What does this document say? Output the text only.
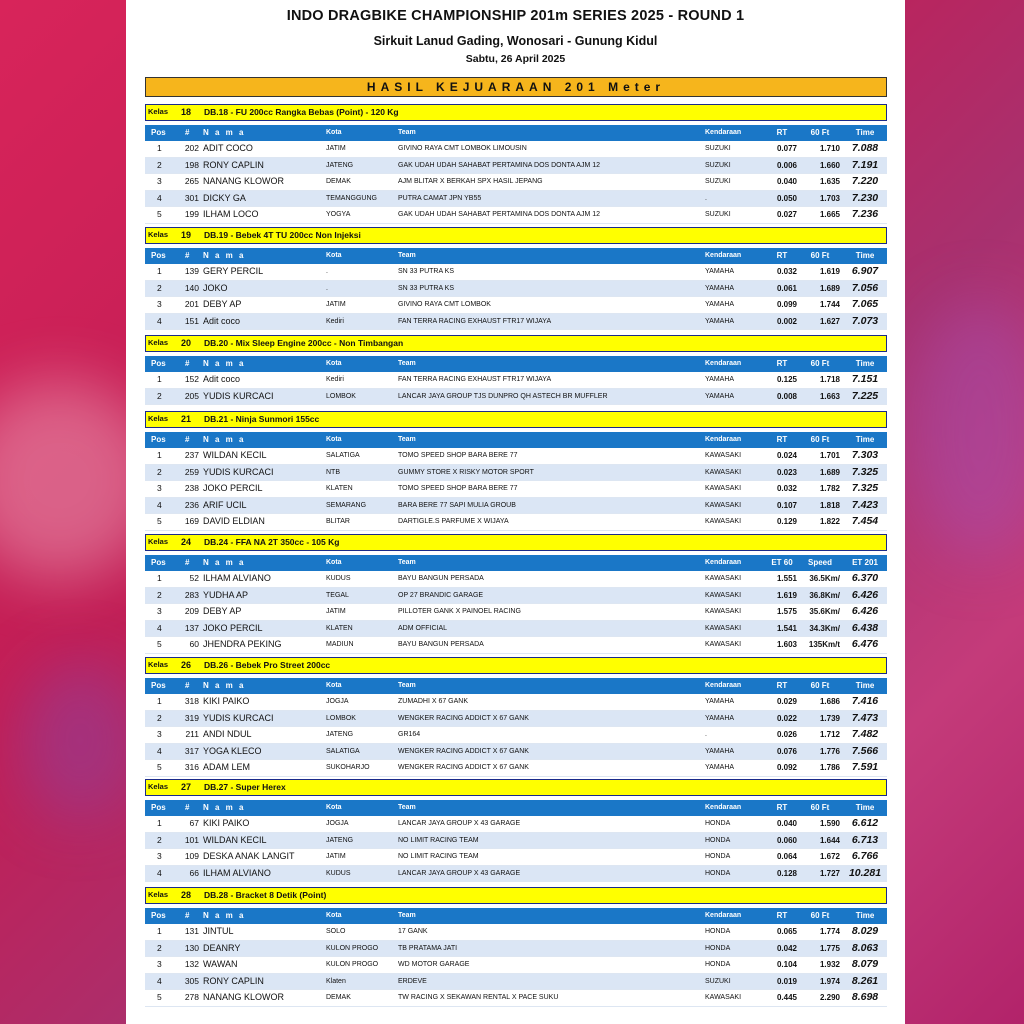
INDO DRAGBIKE CHAMPIONSHIP 201m SERIES 2025 - ROUND 1
Sirkuit Lanud Gading, Wonosari - Gunung Kidul
Sabtu, 26 April 2025
HASIL KEJUARAAN 201 Meter
Kelas 18 DB.18 - FU 200cc Rangka Bebas (Point) - 120 Kg
Pos # N a m a	Kota	Team	Kendaraan	RT	60 Ft	Time
1	202 ADIT COCO	JATIM	GIVINO RAYA CMT LOMBOK LIMOUSIN	SUZUKI	0.077	1.710	7.088
2	198 RONY CAPLIN	JATENG	GAK UDAH UDAH SAHABAT PERTAMINA DOS DONTA AJM 12	SUZUKI	0.006	1.660	7.191
3	265 NANANG KLOWOR	DEMAK	AJM BLITAR X BERKAH SPX HASIL JEPANG	SUZUKI	0.040	1.635	7.220
4	301 DICKY GA	TEMANGGUNG	PUTRA CAMAT JPN YB55	.	0.050	1.703	7.230
5	199 ILHAM LOCO	YOGYA	GAK UDAH UDAH SAHABAT PERTAMINA DOS DONTA AJM 12	SUZUKI	0.027	1.665	7.236
Kelas 19 DB.19 - Bebek 4T TU 200cc Non Injeksi
Pos # N a m a	Kota	Team	Kendaraan	RT	60 Ft	Time
1	139 GERY PERCIL	.	SN 33 PUTRA KS	YAMAHA	0.032	1.619	6.907
2	140 JOKO	.	SN 33 PUTRA KS	YAMAHA	0.061	1.689	7.056
3	201 DEBY AP	JATIM	GIVINO RAYA CMT LOMBOK	YAMAHA	0.099	1.744	7.065
4	151 Adit coco	Kediri	FAN TERRA RACING EXHAUST FTR17 WIJAYA	YAMAHA	0.002	1.627	7.073
Kelas 20 DB.20 - Mix Sleep Engine 200cc - Non Timbangan
Pos # N a m a	Kota	Team	Kendaraan	RT	60 Ft	Time
1	152 Adit coco	Kediri	FAN TERRA RACING EXHAUST FTR17 WIJAYA	YAMAHA	0.125	1.718	7.151
2	205 YUDIS KURCACI	LOMBOK	LANCAR JAYA GROUP TJS DUNPRO QH ASTECH BR MUFFLER	YAMAHA	0.008	1.663	7.225
Kelas 21 DB.21 - Ninja Sunmori 155cc
Pos # N a m a	Kota	Team	Kendaraan	RT	60 Ft	Time
1	237 WILDAN KECIL	SALATIGA	TOMO SPEED SHOP BARA BERE 77	KAWASAKI	0.024	1.701	7.303
2	259 YUDIS KURCACI	NTB	GUMMY STORE X RISKY MOTOR SPORT	KAWASAKI	0.023	1.689	7.325
3	238 JOKO PERCIL	KLATEN	TOMO SPEED SHOP BARA BERE 77	KAWASAKI	0.032	1.782	7.325
4	236 ARIF UCIL	SEMARANG	BARA BERE 77 SAPI MULIA GROUB	KAWASAKI	0.107	1.818	7.423
5	169 DAVID ELDIAN	BLITAR	DARTIGLE.S PARFUME X WIJAYA	KAWASAKI	0.129	1.822	7.454
Kelas 24 DB.24 - FFA NA 2T 350cc - 105 Kg
Pos # N a m a	Kota	Team	Kendaraan	ET 60	Speed	ET 201
1	52 ILHAM ALVIANO	KUDUS	BAYU BANGUN PERSADA	KAWASAKI	1.551	36.5Km/	6.370
2	283 YUDHA AP	TEGAL	OP 27 BRANDIC GARAGE	KAWASAKI	1.619	36.8Km/	6.426
3	209 DEBY AP	JATIM	PILLOTER GANK X PAINOEL RACING	KAWASAKI	1.575	35.6Km/	6.426
4	137 JOKO PERCIL	KLATEN	ADM OFFICIAL	KAWASAKI	1.541	34.3Km/	6.438
5	60 JHENDRA PEKING	MADIUN	BAYU BANGUN PERSADA	KAWASAKI	1.603	135Km/t	6.476
Kelas 26 DB.26 - Bebek Pro Street 200cc
Pos # N a m a	Kota	Team	Kendaraan	RT	60 Ft	Time
1	318 KIKI PAIKO	JOGJA	ZUMADHI X 67 GANK	YAMAHA	0.029	1.686	7.416
2	319 YUDIS KURCACI	LOMBOK	WENGKER RACING ADDICT X 67 GANK	YAMAHA	0.022	1.739	7.473
3	211 ANDI NDUL	JATENG	GR164	.	0.026	1.712	7.482
4	317 YOGA KLECO	SALATIGA	WENGKER RACING ADDICT X 67 GANK	YAMAHA	0.076	1.776	7.566
5	316 ADAM LEM	SUKOHARJO	WENGKER RACING ADDICT X 67 GANK	YAMAHA	0.092	1.786	7.591
Kelas 27 DB.27 - Super Herex
Pos # N a m a	Kota	Team	Kendaraan	RT	60 Ft	Time
1	67 KIKI PAIKO	JOGJA	LANCAR JAYA GROUP X 43 GARAGE	HONDA	0.040	1.590	6.612
2	101 WILDAN KECIL	JATENG	NO LIMIT RACING TEAM	HONDA	0.060	1.644	6.713
3	109 DESKA ANAK LANGIT	JATIM	NO LIMIT RACING TEAM	HONDA	0.064	1.672	6.766
4	66 ILHAM ALVIANO	KUDUS	LANCAR JAYA GROUP X 43 GARAGE	HONDA	0.128	1.727 10.281
Kelas 28 DB.28 - Bracket 8 Detik (Point)
Pos # N a m a	Kota	Team	Kendaraan	RT	60 Ft	Time
1	131 JINTUL	SOLO	17 GANK	HONDA	0.065	1.774	8.029
2	130 DEANRY	KULON PROGO	TB PRATAMA JATI	HONDA	0.042	1.775	8.063
3	132 WAWAN	KULON PROGO	WD MOTOR GARAGE	HONDA	0.104	1.932	8.079
4	305 RONY CAPLIN	Klaten	ERDEVE	SUZUKI	0.019	1.974	8.261
5	278 NANANG KLOWOR	DEMAK	TW RACING X SEKAWAN RENTAL X PACE SUKU	KAWASAKI	0.445	2.290	8.698
